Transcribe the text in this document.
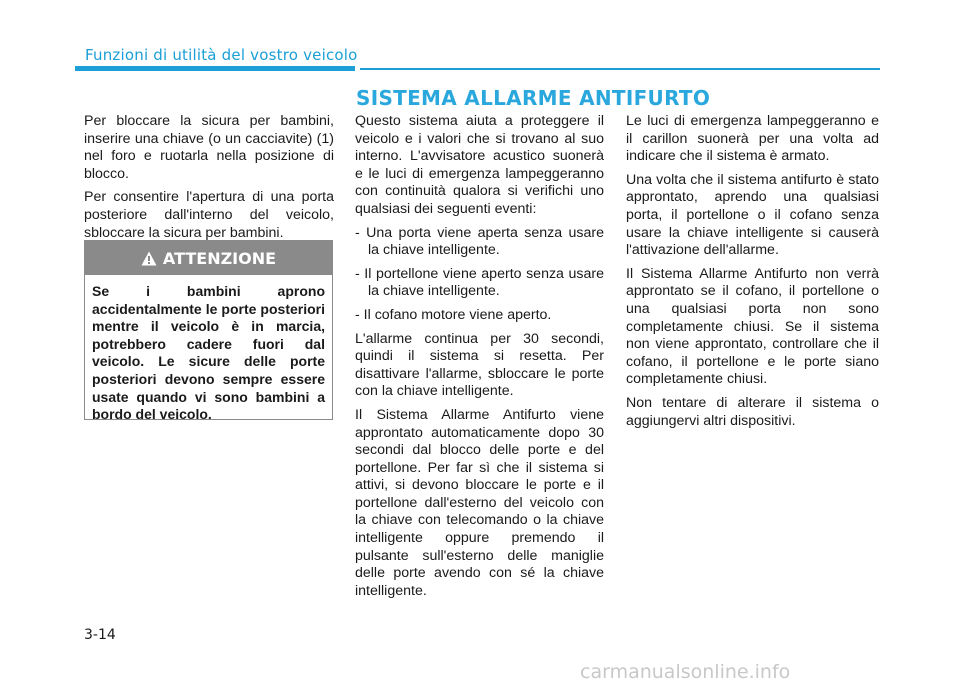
Funzioni di utilità del vostro veicolo
SISTEMA ALLARME ANTIFURTO

Per bloccare la sicura per bambini, inserire una chiave (o un cacciavite) (1) nel foro e ruotarla nella posizione di blocco.

Per consentire l'apertura di una porta posteriore dall'interno del veicolo, sbloccare la sicura per bambini.

ATTENZIONE
Se i bambini aprono accidentalmente le porte posteriori mentre il veicolo è in marcia, potrebbero cadere fuori dal veicolo. Le sicure delle porte posteriori devono sempre essere usate quando vi sono bambini a bordo del veicolo.

Questo sistema aiuta a proteggere il veicolo e i valori che si trovano al suo interno. L'avvisatore acustico suonerà e le luci di emergenza lampeggeranno con continuità qualora si verifichi uno qualsiasi dei seguenti eventi:

- Una porta viene aperta senza usare la chiave intelligente.

- Il portellone viene aperto senza usare la chiave intelligente.

- Il cofano motore viene aperto.

L'allarme continua per 30 secondi, quindi il sistema si resetta. Per disattivare l'allarme, sbloccare le porte con la chiave intelligente.

Il Sistema Allarme Antifurto viene approntato automaticamente dopo 30 secondi dal blocco delle porte e del portellone. Per far sì che il sistema si attivi, si devono bloccare le porte e il portellone dall'esterno del veicolo con la chiave con telecomando o la chiave intelligente oppure premendo il pulsante sull'esterno delle maniglie delle porte avendo con sé la chiave intelligente.

Le luci di emergenza lampeggeranno e il carillon suonerà per una volta ad indicare che il sistema è armato.

Una volta che il sistema antifurto è stato approntato, aprendo una qualsiasi porta, il portellone o il cofano senza usare la chiave intelligente si causerà l'attivazione dell'allarme.

Il Sistema Allarme Antifurto non verrà approntato se il cofano, il portellone o una qualsiasi porta non sono completamente chiusi. Se il sistema non viene approntato, controllare che il cofano, il portellone e le porte siano completamente chiusi.

Non tentare di alterare il sistema o aggiungervi altri dispositivi.

3-14
carmanualsonline.info
